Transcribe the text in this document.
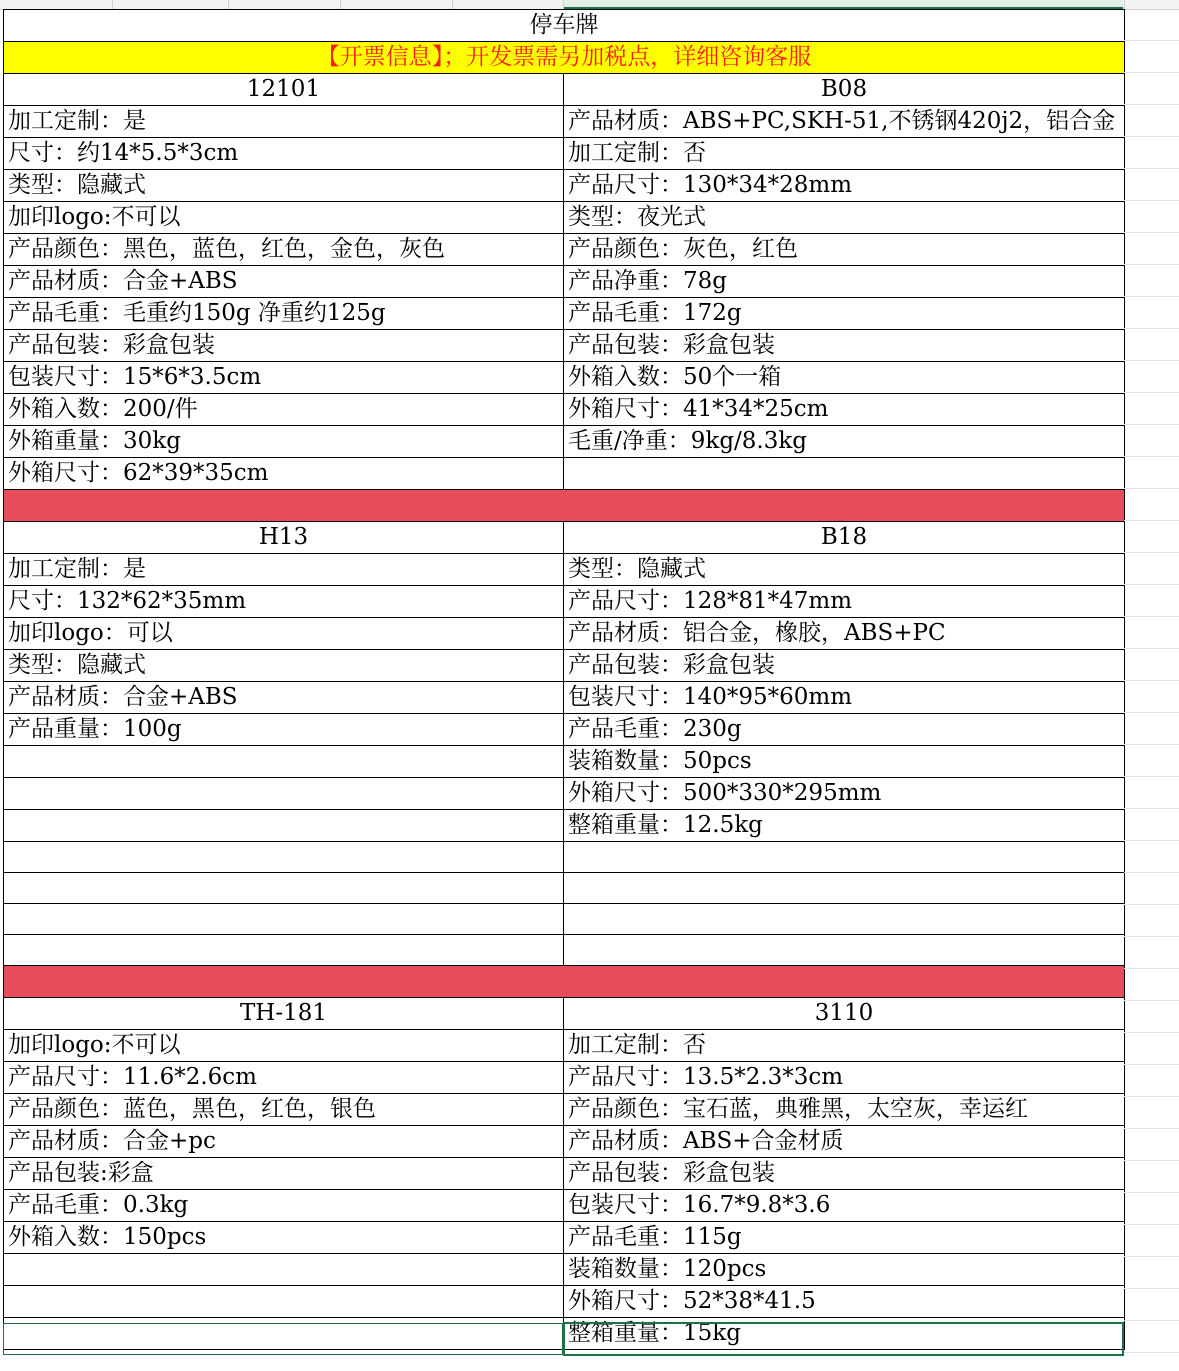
停车牌	
【开票信息】；开发票需另加税点，详细咨询客服	
12101	B08
加工定制：是	产品材质：ABS+PC,SKH-51,不锈钢420j2，铝合金
尺寸：约14*5.5*3cm	加工定制：否
类型：隐藏式	产品尺寸：130*34*28mm
加印logo:不可以	类型：夜光式
产品颜色：黑色，蓝色，红色，金色，灰色	产品颜色：灰色，红色
产品材质：合金+ABS	产品净重：78g
产品毛重：毛重约150g 净重约125g	产品毛重：172g
产品包装：彩盒包装	产品包装：彩盒包装
包装尺寸：15*6*3.5cm	外箱入数：50个一箱
外箱入数：200/件	外箱尺寸：41*34*25cm
外箱重量：30kg	毛重/净重：9kg/8.3kg
外箱尺寸：62*39*35cm	

H13	B18
加工定制：是	类型：隐藏式
尺寸：132*62*35mm	产品尺寸：128*81*47mm
加印logo：可以	产品材质：铝合金，橡胶，ABS+PC
类型：隐藏式	产品包装：彩盒包装
产品材质：合金+ABS	包装尺寸：140*95*60mm
产品重量：100g	产品毛重：230g
	装箱数量：50pcs
	外箱尺寸：500*330*295mm
	整箱重量：12.5kg

TH-181	3110
加印logo:不可以	加工定制：否
产品尺寸：11.6*2.6cm	产品尺寸：13.5*2.3*3cm
产品颜色：蓝色，黑色，红色，银色	产品颜色：宝石蓝，典雅黑，太空灰，幸运红
产品材质：合金+pc	产品材质：ABS+合金材质
产品包装:彩盒	产品包装：彩盒包装
产品毛重：0.3kg	包装尺寸：16.7*9.8*3.6
外箱入数：150pcs	产品毛重：115g
	装箱数量：120pcs
	外箱尺寸：52*38*41.5
	整箱重量：15kg
